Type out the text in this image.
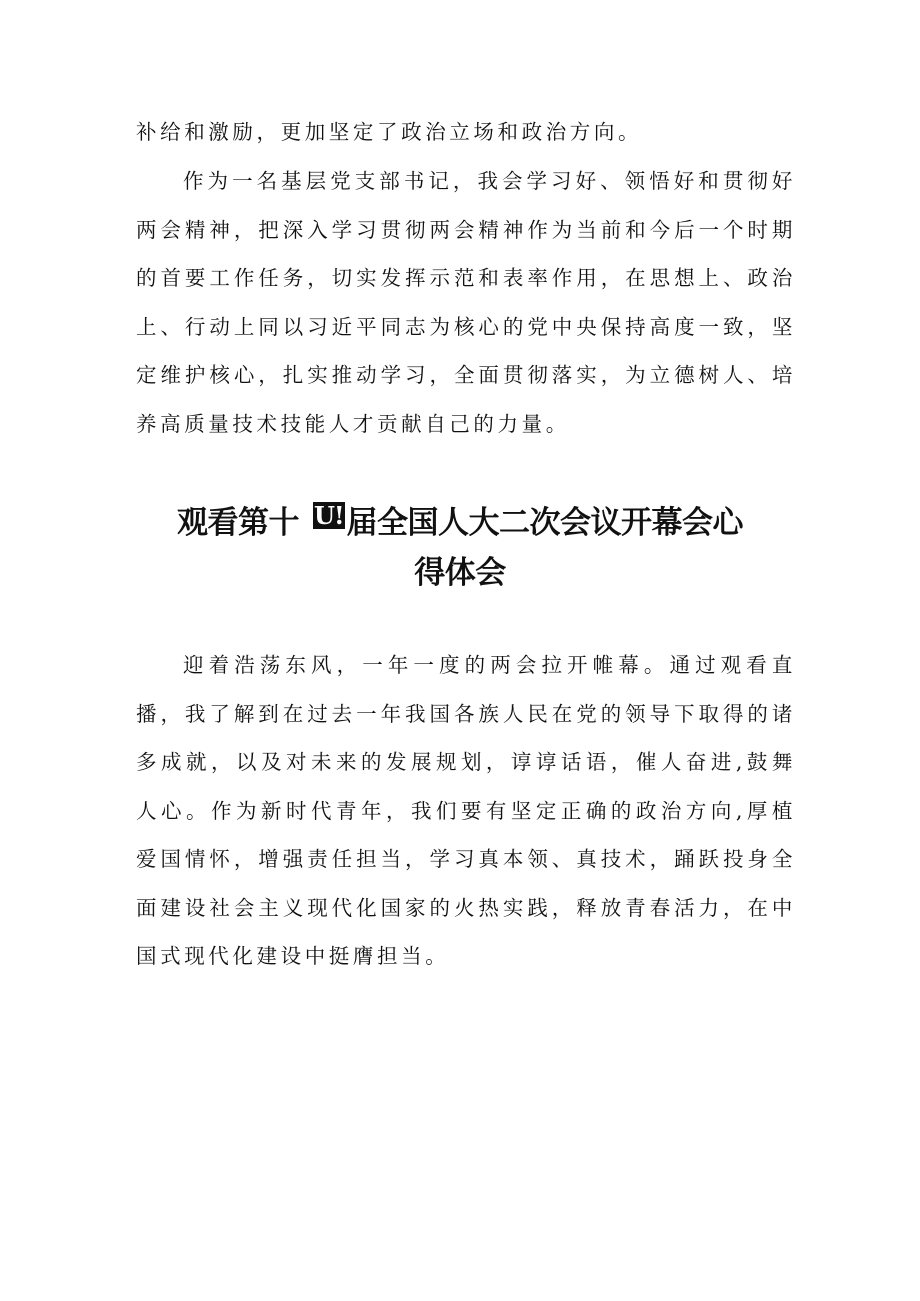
补给和激励，更加坚定了政治立场和政治方向。

作为一名基层党支部书记，我会学习好、领悟好和贯彻好两会精神，把深入学习贯彻两会精神作为当前和今后一个时期的首要工作任务，切实发挥示范和表率作用，在思想上、政治上、行动上同以习近平同志为核心的党中央保持高度一致，坚定维护核心，扎实推动学习，全面贯彻落实，为立德树人、培养高质量技术技能人才贡献自己的力量。

观看第十 U!届全国人大二次会议开幕会心
得体会

迎着浩荡东风，一年一度的两会拉开帷幕。通过观看直播，我了解到在过去一年我国各族人民在党的领导下取得的诸多成就，以及对未来的发展规划，谆谆话语，催人奋进,鼓舞人心。作为新时代青年，我们要有坚定正确的政治方向,厚植爱国情怀，增强责任担当，学习真本领、真技术，踊跃投身全面建设社会主义现代化国家的火热实践，释放青春活力，在中国式现代化建设中挺膺担当。
